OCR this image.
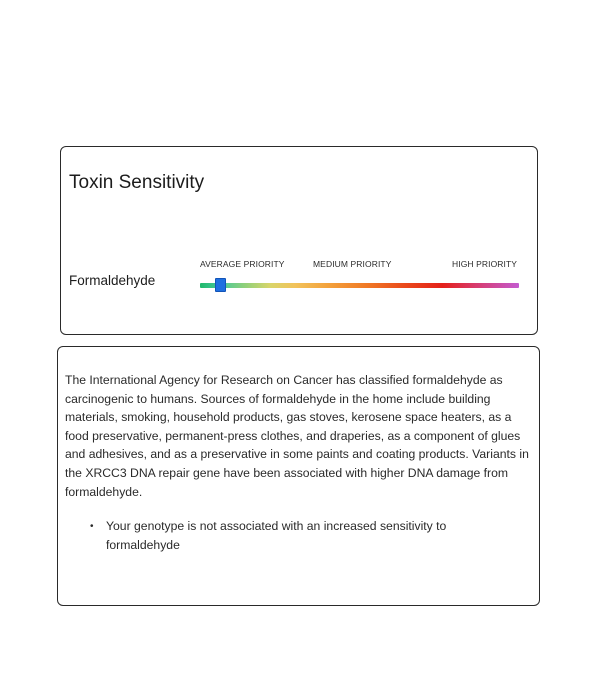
Toxin Sensitivity
Formaldehyde
AVERAGE PRIORITY	MEDIUM PRIORITY	HIGH PRIORITY

The International Agency for Research on Cancer has classified formaldehyde as carcinogenic to humans. Sources of formaldehyde in the home include building materials, smoking, household products, gas stoves, kerosene space heaters, as a food preservative, permanent-press clothes, and draperies, as a component of glues and adhesives, and as a preservative in some paints and coating products. Variants in the XRCC3 DNA repair gene have been associated with higher DNA damage from formaldehyde.

• Your genotype is not associated with an increased sensitivity to formaldehyde
